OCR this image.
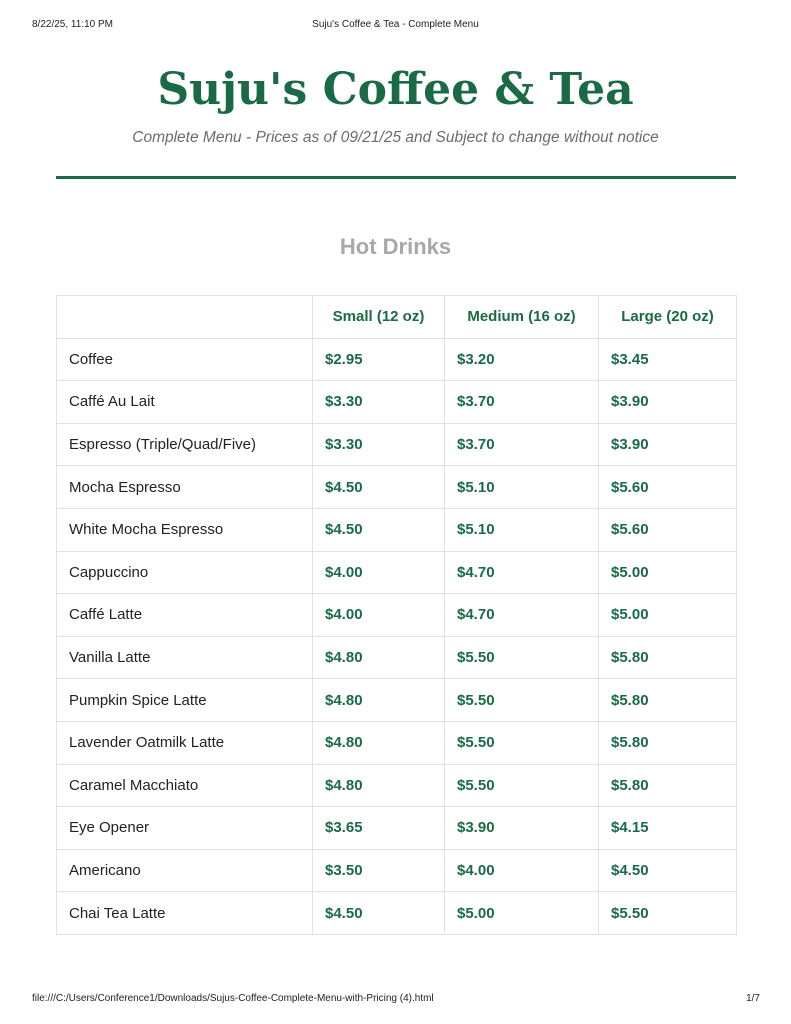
8/22/25, 11:10 PM	Suju's Coffee & Tea - Complete Menu
Suju's Coffee & Tea
Complete Menu - Prices as of 09/21/25 and Subject to change without notice
Hot Drinks
	Small (12 oz)	Medium (16 oz)	Large (20 oz)
Coffee	$2.95	$3.20	$3.45
Caffé Au Lait	$3.30	$3.70	$3.90
Espresso (Triple/Quad/Five)	$3.30	$3.70	$3.90
Mocha Espresso	$4.50	$5.10	$5.60
White Mocha Espresso	$4.50	$5.10	$5.60
Cappuccino	$4.00	$4.70	$5.00
Caffé Latte	$4.00	$4.70	$5.00
Vanilla Latte	$4.80	$5.50	$5.80
Pumpkin Spice Latte	$4.80	$5.50	$5.80
Lavender Oatmilk Latte	$4.80	$5.50	$5.80
Caramel Macchiato	$4.80	$5.50	$5.80
Eye Opener	$3.65	$3.90	$4.15
Americano	$3.50	$4.00	$4.50
Chai Tea Latte	$4.50	$5.00	$5.50
file:///C:/Users/Conference1/Downloads/Sujus-Coffee-Complete-Menu-with-Pricing (4).html	1/7
